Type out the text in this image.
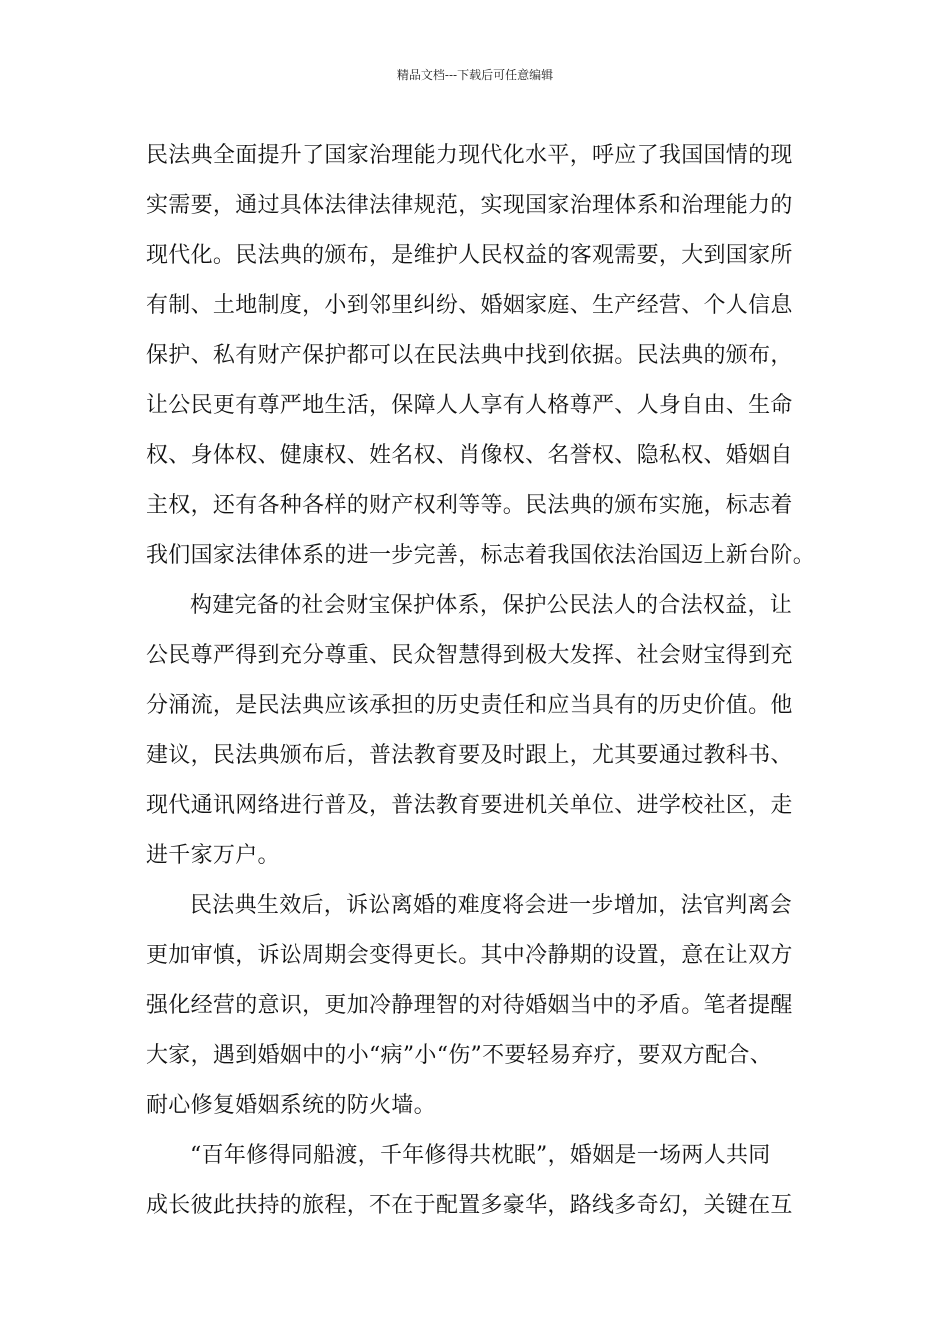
精品文档---下载后可任意编辑
民法典全面提升了国家治理能力现代化水平，呼应了我国国情的现
实需要，通过具体法律法律规范，实现国家治理体系和治理能力的
现代化。民法典的颁布，是维护人民权益的客观需要，大到国家所
有制、土地制度，小到邻里纠纷、婚姻家庭、生产经营、个人信息
保护、私有财产保护都可以在民法典中找到依据。民法典的颁布，
让公民更有尊严地生活，保障人人享有人格尊严、人身自由、生命
权、身体权、健康权、姓名权、肖像权、名誉权、隐私权、婚姻自
主权，还有各种各样的财产权利等等。民法典的颁布实施，标志着
我们国家法律体系的进一步完善，标志着我国依法治国迈上新台阶。
构建完备的社会财宝保护体系，保护公民法人的合法权益，让
公民尊严得到充分尊重、民众智慧得到极大发挥、社会财宝得到充
分涌流，是民法典应该承担的历史责任和应当具有的历史价值。他
建议，民法典颁布后，普法教育要及时跟上，尤其要通过教科书、
现代通讯网络进行普及，普法教育要进机关单位、进学校社区，走
进千家万户。
民法典生效后，诉讼离婚的难度将会进一步增加，法官判离会
更加审慎，诉讼周期会变得更长。其中冷静期的设置，意在让双方
强化经营的意识，更加冷静理智的对待婚姻当中的矛盾。笔者提醒
大家，遇到婚姻中的小“病”小“伤”不要轻易弃疗，要双方配合、
耐心修复婚姻系统的防火墙。
“百年修得同船渡，千年修得共枕眠”，婚姻是一场两人共同
成长彼此扶持的旅程，不在于配置多豪华，路线多奇幻，关键在互
